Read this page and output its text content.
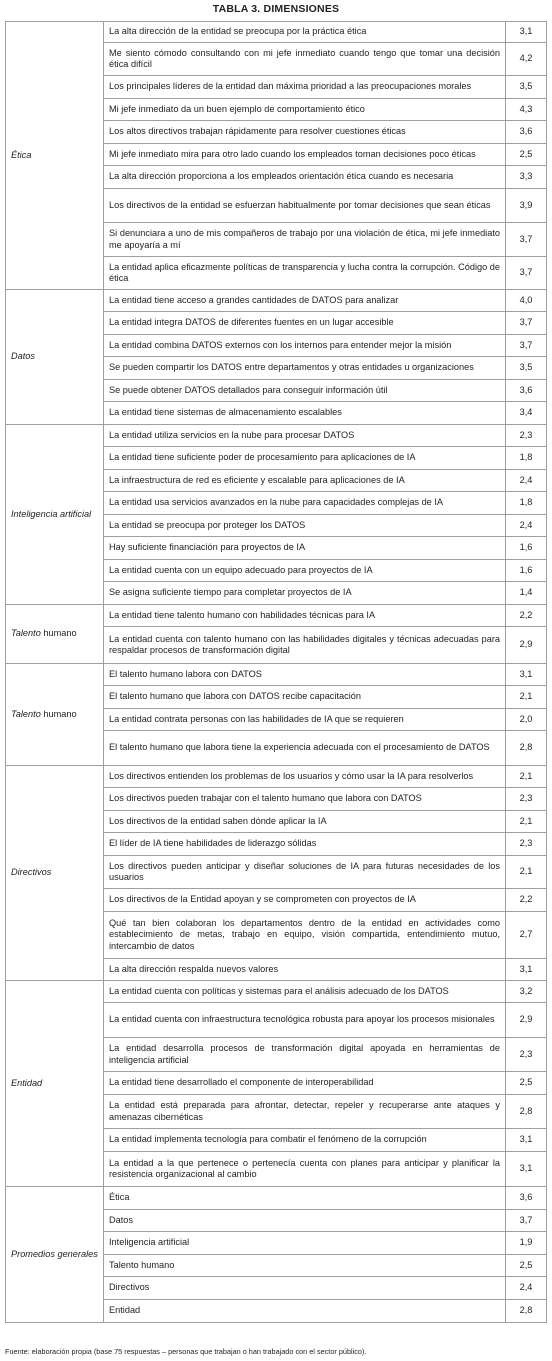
TABLA 3. DIMENSIONES
Ética	La alta dirección de la entidad se preocupa por la práctica ética	3,1
	Me siento cómodo consultando con mi jefe inmediato cuando tengo que tomar una decisión ética difícil	4,2
	Los principales líderes de la entidad dan máxima prioridad a las preocupaciones morales	3,5
	Mi jefe inmediato da un buen ejemplo de comportamiento ético	4,3
	Los altos directivos trabajan rápidamente para resolver cuestiones éticas	3,6
	Mi jefe inmediato mira para otro lado cuando los empleados toman decisiones poco éticas	2,5
	La alta dirección proporciona a los empleados orientación ética cuando es necesaria	3,3
	Los directivos de la entidad se esfuerzan habitualmente por tomar decisiones que sean éticas	3,9
	Si denunciara a uno de mis compañeros de trabajo por una violación de ética, mi jefe inmediato me apoyaría a mí	3,7
	La entidad aplica eficazmente políticas de transparencia y lucha contra la corrupción. Código de ética	3,7
Datos	La entidad tiene acceso a grandes cantidades de DATOS para analizar	4,0
	La entidad integra DATOS de diferentes fuentes en un lugar accesible	3,7
	La entidad combina DATOS externos con los internos para entender mejor la misión	3,7
	Se pueden compartir los DATOS entre departamentos y otras entidades u organizaciones	3,5
	Se puede obtener DATOS detallados para conseguir información útil	3,6
	La entidad tiene sistemas de almacenamiento escalables	3,4
Inteligencia artificial	La entidad utiliza servicios en la nube para procesar DATOS	2,3
	La entidad tiene suficiente poder de procesamiento para aplicaciones de IA	1,8
	La infraestructura de red es eficiente y escalable para aplicaciones de IA	2,4
	La entidad usa servicios avanzados en la nube para capacidades complejas de IA	1,8
	La entidad se preocupa por proteger los DATOS	2,4
	Hay suficiente financiación para proyectos de IA	1,6
	La entidad cuenta con un equipo adecuado para proyectos de IA	1,6
	Se asigna suficiente tiempo para completar proyectos de IA	1,4
Talento humano	La entidad tiene talento humano con habilidades técnicas para IA	2,2
	La entidad cuenta con talento humano con las habilidades digitales y técnicas adecuadas para respaldar procesos de transformación digital	2,9
Talento humano	El talento humano labora con DATOS	3,1
	El talento humano que labora con DATOS recibe capacitación	2,1
	La entidad contrata personas con las habilidades de IA que se requieren	2,0
	El talento humano que labora tiene la experiencia adecuada con el procesamiento de DATOS	2,8
Directivos	Los directivos entienden los problemas de los usuarios y cómo usar la IA para resolverlos	2,1
	Los directivos pueden trabajar con el talento humano que labora con DATOS	2,3
	Los directivos de la entidad saben dónde aplicar la IA	2,1
	El líder de IA tiene habilidades de liderazgo sólidas	2,3
	Los directivos pueden anticipar y diseñar soluciones de IA para futuras necesidades de los usuarios	2,1
	Los directivos de la Entidad apoyan y se comprometen con proyectos de IA	2,2
	Qué tan bien colaboran los departamentos dentro de la entidad en actividades como establecimiento de metas, trabajo en equipo, visión compartida, entendimiento mutuo, intercambio de datos	2,7
	La alta dirección respalda nuevos valores	3,1
Entidad	La entidad cuenta con políticas y sistemas para el análisis adecuado de los DATOS	3,2
	La entidad cuenta con infraestructura tecnológica robusta para apoyar los procesos misionales	2,9
	La entidad desarrolla procesos de transformación digital apoyada en herramientas de inteligencia artificial	2,3
	La entidad tiene desarrollado el componente de interoperabilidad	2,5
	La entidad está preparada para afrontar, detectar, repeler y recuperarse ante ataques y amenazas cibernéticas	2,8
	La entidad implementa tecnología para combatir el fenómeno de la corrupción	3,1
	La entidad a la que pertenece o pertenecía cuenta con planes para anticipar y planificar la resistencia organizacional al cambio	3,1
Promedios generales	Ética	3,6
	Datos	3,7
	Inteligencia artificial	1,9
	Talento humano	2,5
	Directivos	2,4
	Entidad	2,8
Fuente: elaboración propia (base 75 respuestas – personas que trabajan o han trabajado con el sector público).
